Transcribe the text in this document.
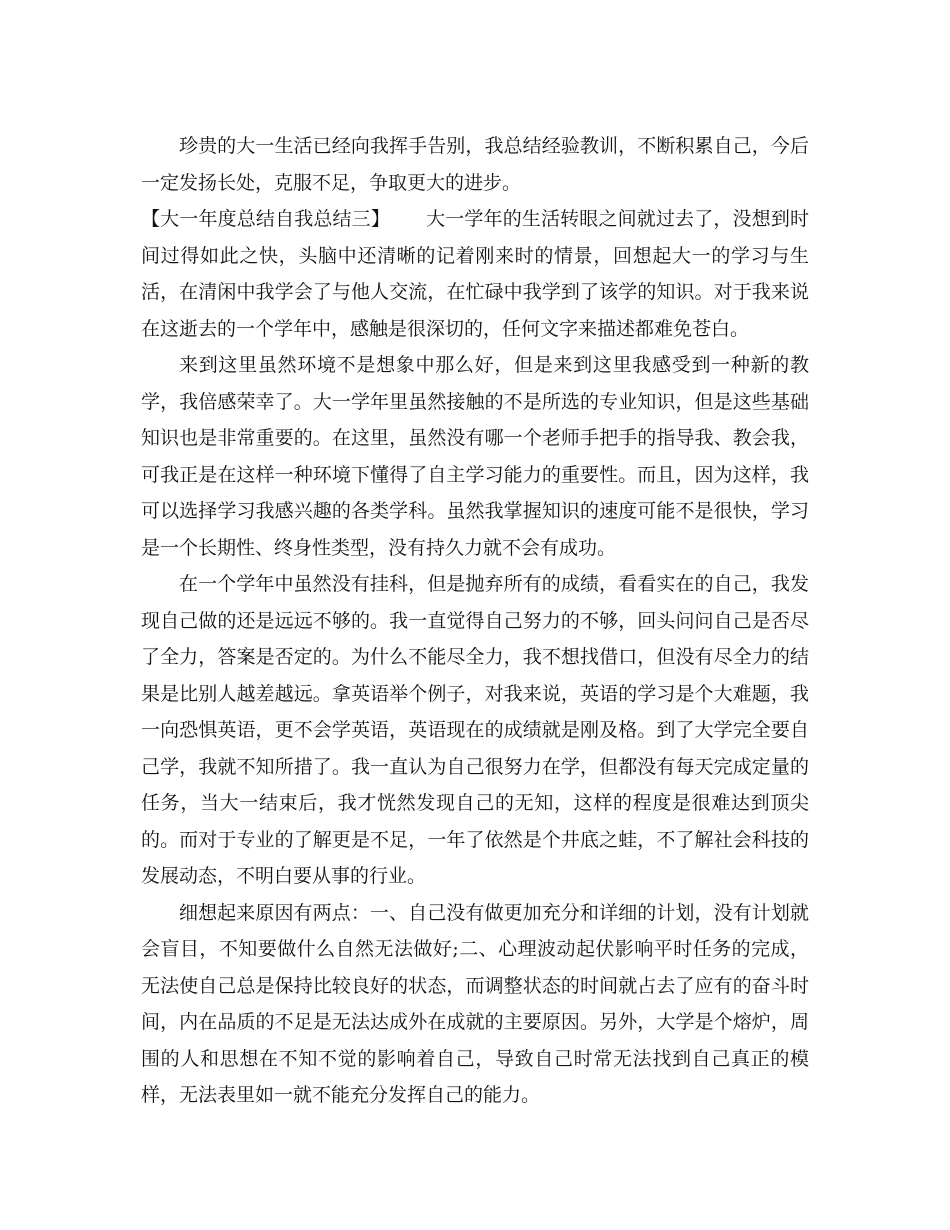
珍贵的大一生活已经向我挥手告别，我总结经验教训，不断积累自己，今后一定发扬长处，克服不足，争取更大的进步。

【大一年度总结自我总结三】 大一学年的生活转眼之间就过去了，没想到时间过得如此之快，头脑中还清晰的记着刚来时的情景，回想起大一的学习与生活，在清闲中我学会了与他人交流，在忙碌中我学到了该学的知识。对于我来说在这逝去的一个学年中，感触是很深切的，任何文字来描述都难免苍白。

来到这里虽然环境不是想象中那么好，但是来到这里我感受到一种新的教学，我倍感荣幸了。大一学年里虽然接触的不是所选的专业知识，但是这些基础知识也是非常重要的。在这里，虽然没有哪一个老师手把手的指导我、教会我，可我正是在这样一种环境下懂得了自主学习能力的重要性。而且，因为这样，我可以选择学习我感兴趣的各类学科。虽然我掌握知识的速度可能不是很快，学习是一个长期性、终身性类型，没有持久力就不会有成功。

在一个学年中虽然没有挂科，但是抛弃所有的成绩，看看实在的自己，我发现自己做的还是远远不够的。我一直觉得自己努力的不够，回头问问自己是否尽了全力，答案是否定的。为什么不能尽全力，我不想找借口，但没有尽全力的结果是比别人越差越远。拿英语举个例子，对我来说，英语的学习是个大难题，我一向恐惧英语，更不会学英语，英语现在的成绩就是刚及格。到了大学完全要自己学，我就不知所措了。我一直认为自己很努力在学，但都没有每天完成定量的任务，当大一结束后，我才恍然发现自己的无知，这样的程度是很难达到顶尖的。而对于专业的了解更是不足，一年了依然是个井底之蛙，不了解社会科技的发展动态，不明白要从事的行业。

细想起来原因有两点：一、自己没有做更加充分和详细的计划，没有计划就会盲目，不知要做什么自然无法做好;二、心理波动起伏影响平时任务的完成，无法使自己总是保持比较良好的状态，而调整状态的时间就占去了应有的奋斗时间，内在品质的不足是无法达成外在成就的主要原因。另外，大学是个熔炉，周围的人和思想在不知不觉的影响着自己，导致自己时常无法找到自己真正的模样，无法表里如一就不能充分发挥自己的能力。
